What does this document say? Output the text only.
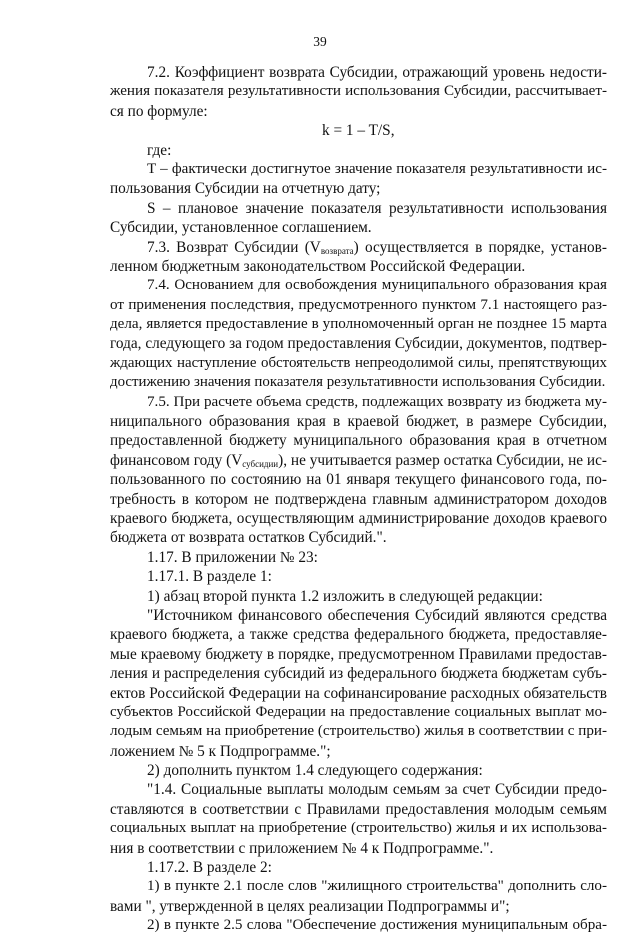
39
7.2. Коэффициент возврата Субсидии, отражающий уровень недости-
жения показателя результативности использования Субсидии, рассчитывает-
ся по формуле:
k = 1 – T/S,
где:
T – фактически достигнутое значение показателя результативности ис-
пользования Субсидии на отчетную дату;
S – плановое значение показателя результативности использования
Субсидии, установленное соглашением.
7.3. Возврат Субсидии $(V_{возврата})$ осуществляется в порядке, установ-
ленном бюджетным законодательством Российской Федерации.
7.4. Основанием для освобождения муниципального образования края
от применения последствия, предусмотренного пунктом 7.1 настоящего раз-
дела, является предоставление в уполномоченный орган не позднее 15 марта
года, следующего за годом предоставления Субсидии, документов, подтвер-
ждающих наступление обстоятельств непреодолимой силы, препятствующих
достижению значения показателя результативности использования Субсидии.
7.5. При расчете объема средств, подлежащих возврату из бюджета му-
ниципального образования края в краевой бюджет, в размере Субсидии,
предоставленной бюджету муниципального образования края в отчетном
финансовом году $(V_{субсидии})$, не учитывается размер остатка Субсидии, не ис-
пользованного по состоянию на 01 января текущего финансового года, по-
требность в котором не подтверждена главным администратором доходов
краевого бюджета, осуществляющим администрирование доходов краевого
бюджета от возврата остатков Субсидий.".
1.17. В приложении № 23:
1.17.1. В разделе 1:
1) абзац второй пункта 1.2 изложить в следующей редакции:
"Источником финансового обеспечения Субсидий являются средства
краевого бюджета, а также средства федерального бюджета, предоставляе-
мые краевому бюджету в порядке, предусмотренном Правилами предостав-
ления и распределения субсидий из федерального бюджета бюджетам субъ-
ектов Российской Федерации на софинансирование расходных обязательств
субъектов Российской Федерации на предоставление социальных выплат мо-
лодым семьям на приобретение (строительство) жилья в соответствии с при-
ложением № 5 к Подпрограмме.";
2) дополнить пунктом 1.4 следующего содержания:
"1.4. Социальные выплаты молодым семьям за счет Субсидии предо-
ставляются в соответствии с Правилами предоставления молодым семьям
социальных выплат на приобретение (строительство) жилья и их использова-
ния в соответствии с приложением № 4 к Подпрограмме.".
1.17.2. В разделе 2:
1) в пункте 2.1 после слов "жилищного строительства" дополнить сло-
вами ", утвержденной в целях реализации Подпрограммы и";
2) в пункте 2.5 слова "Обеспечение достижения муниципальным обра-
